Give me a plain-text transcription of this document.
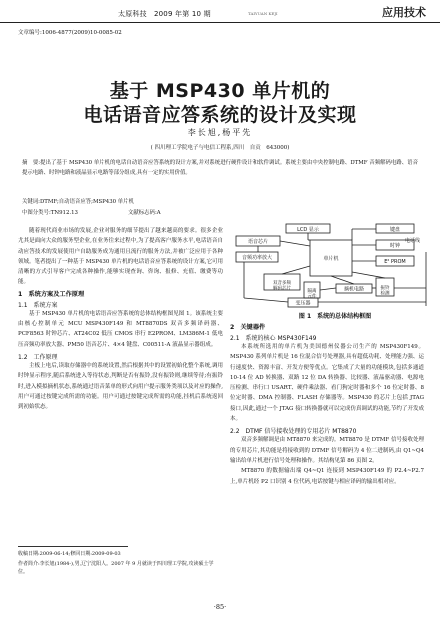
太原科技　2009 年第 10 期	TAIYUAN KEJI	应用技术
文章编号:1006-4877(2009)10-0085-02
基于 MSP430 单片机的
电话语音应答系统的设计及实现
李长旭,杨平先
( 四川理工学院电子与电信工程系,四川　自贡　643000)
摘　要:提出了基于 MSP430 单片机的电话自动语音应答系统的设计方案,并对系统进行硬件设计和软件调试。系统主要由中央控制电路、DTMF 音频解码电路、语音提示电路、时钟电路和液晶显示电路等部分组成,具有一定的实用价值。
关键词:DTMF;自动语音应答;MSP430 单片机
中图分类号:TN912.13	文献标志码:A

随着现代商业市场的发展,企业对服务的细节提出了越来越高的要求。很多企业尤其是面向大众的服务型企业,在业务往来过程中,为了提高客户服务水平,电话语音自动应答技术的发展使用户自助服务成为通用且流行的服务方法,并被广泛应用于各种领域。笔者提出了一种基于 MSP430 单片机的电话语音应答系统的设计方案,它可用清晰的方式引导客户完成各种操作,能够实现查询、咨询、报修、充值、缴费等功能。

1　系统方案及工作原理

1.1　系统方案

基于 MSP430 单片机的电话语音应答系统的总体结构框图见图 1。该系统主要由核心控制单元 MCU MSP430F149 和 MT8870DS 双音多频译码器、PCF8563 时钟芯片、AT24C02 低压 CMOS 串行 E2PROM、LM386M-1 低电压音频功率放大器、PM50 语音芯片、4×4 键盘、C00511-A 液晶显示器组成。

1.2　工作原理

主板上电后,读取存储器中的系统设置,然后根据其中的设置初始化整个系统,调用时钟显示程序,随后系统进入等待状态,判断是否有振铃,没有振铃则,继续等待;有振铃时,进入模拟摘机状态,系统通过语音菜单的形式向用户提示服务类项以及对应的操作,用户可通过按键完成所需的功能。用户可通过按键完成所需的功能,挂机后系统返回到初始状态。

收稿日期:2009-06-14;修回日期:2009-09-03
作者简介:李长旭(1984-),男,辽宁沈阳人。2007 年 9 月就读于四川理工学院,攻读硕士学位。
LCD 显示	键盘
语音芯片
单片机
时钟
E² PROM
音频功率放大
双音多频解码芯片	隔离元件
摘机电路	振铃检测
变压器
电话线
图 1　系统的总体结构框图

2　关键器件

2.1　系统的核心 MSP430F149

本系统所选用的单片机为美国德州仪器公司生产的 MSP430F149。MSP430 系列单片机是 16 位混合信号处理器,具有超低功耗、处理能力强、运行速度快、资源丰富、开发方便等优点。它集成了大量的功能模块,包括多通道 10-14 位 AD 转换器、双路 12 位 DA 转换器、比较器、液晶驱动器、电源电压检测、串行口 USART、硬件乘法器、看门狗定时器和多个 16 位定时器、8 位定时器、DMA 控制器、FLASH 存储器等。MSP430 的芯片上包括 JTAG 接口,因此,通过一个 JTAG 接口转换器就可以完成仿真调试的功能,节约了开发成本。

2.2　DTMF 信号接收处理的专用芯片 MT8870

双音多频解调是由 MT8870 来完成的。MT8870 是 DTMF 信号接收处理的专用芯片,其功能是将接收到的 DTMF 信号解码为 4 位二进制码,由 Q1~Q4 输出给单片机进行信号处理和操作。其结构见第 86 页图 2。

MT8870 的数据输出端 Q4~Q1 连接到 MSP430F149 的 P2.4~P2.7 上,单片机经 P2 口识别 4 位代码,电话按键与相应译码的输出相对应。

·85·
